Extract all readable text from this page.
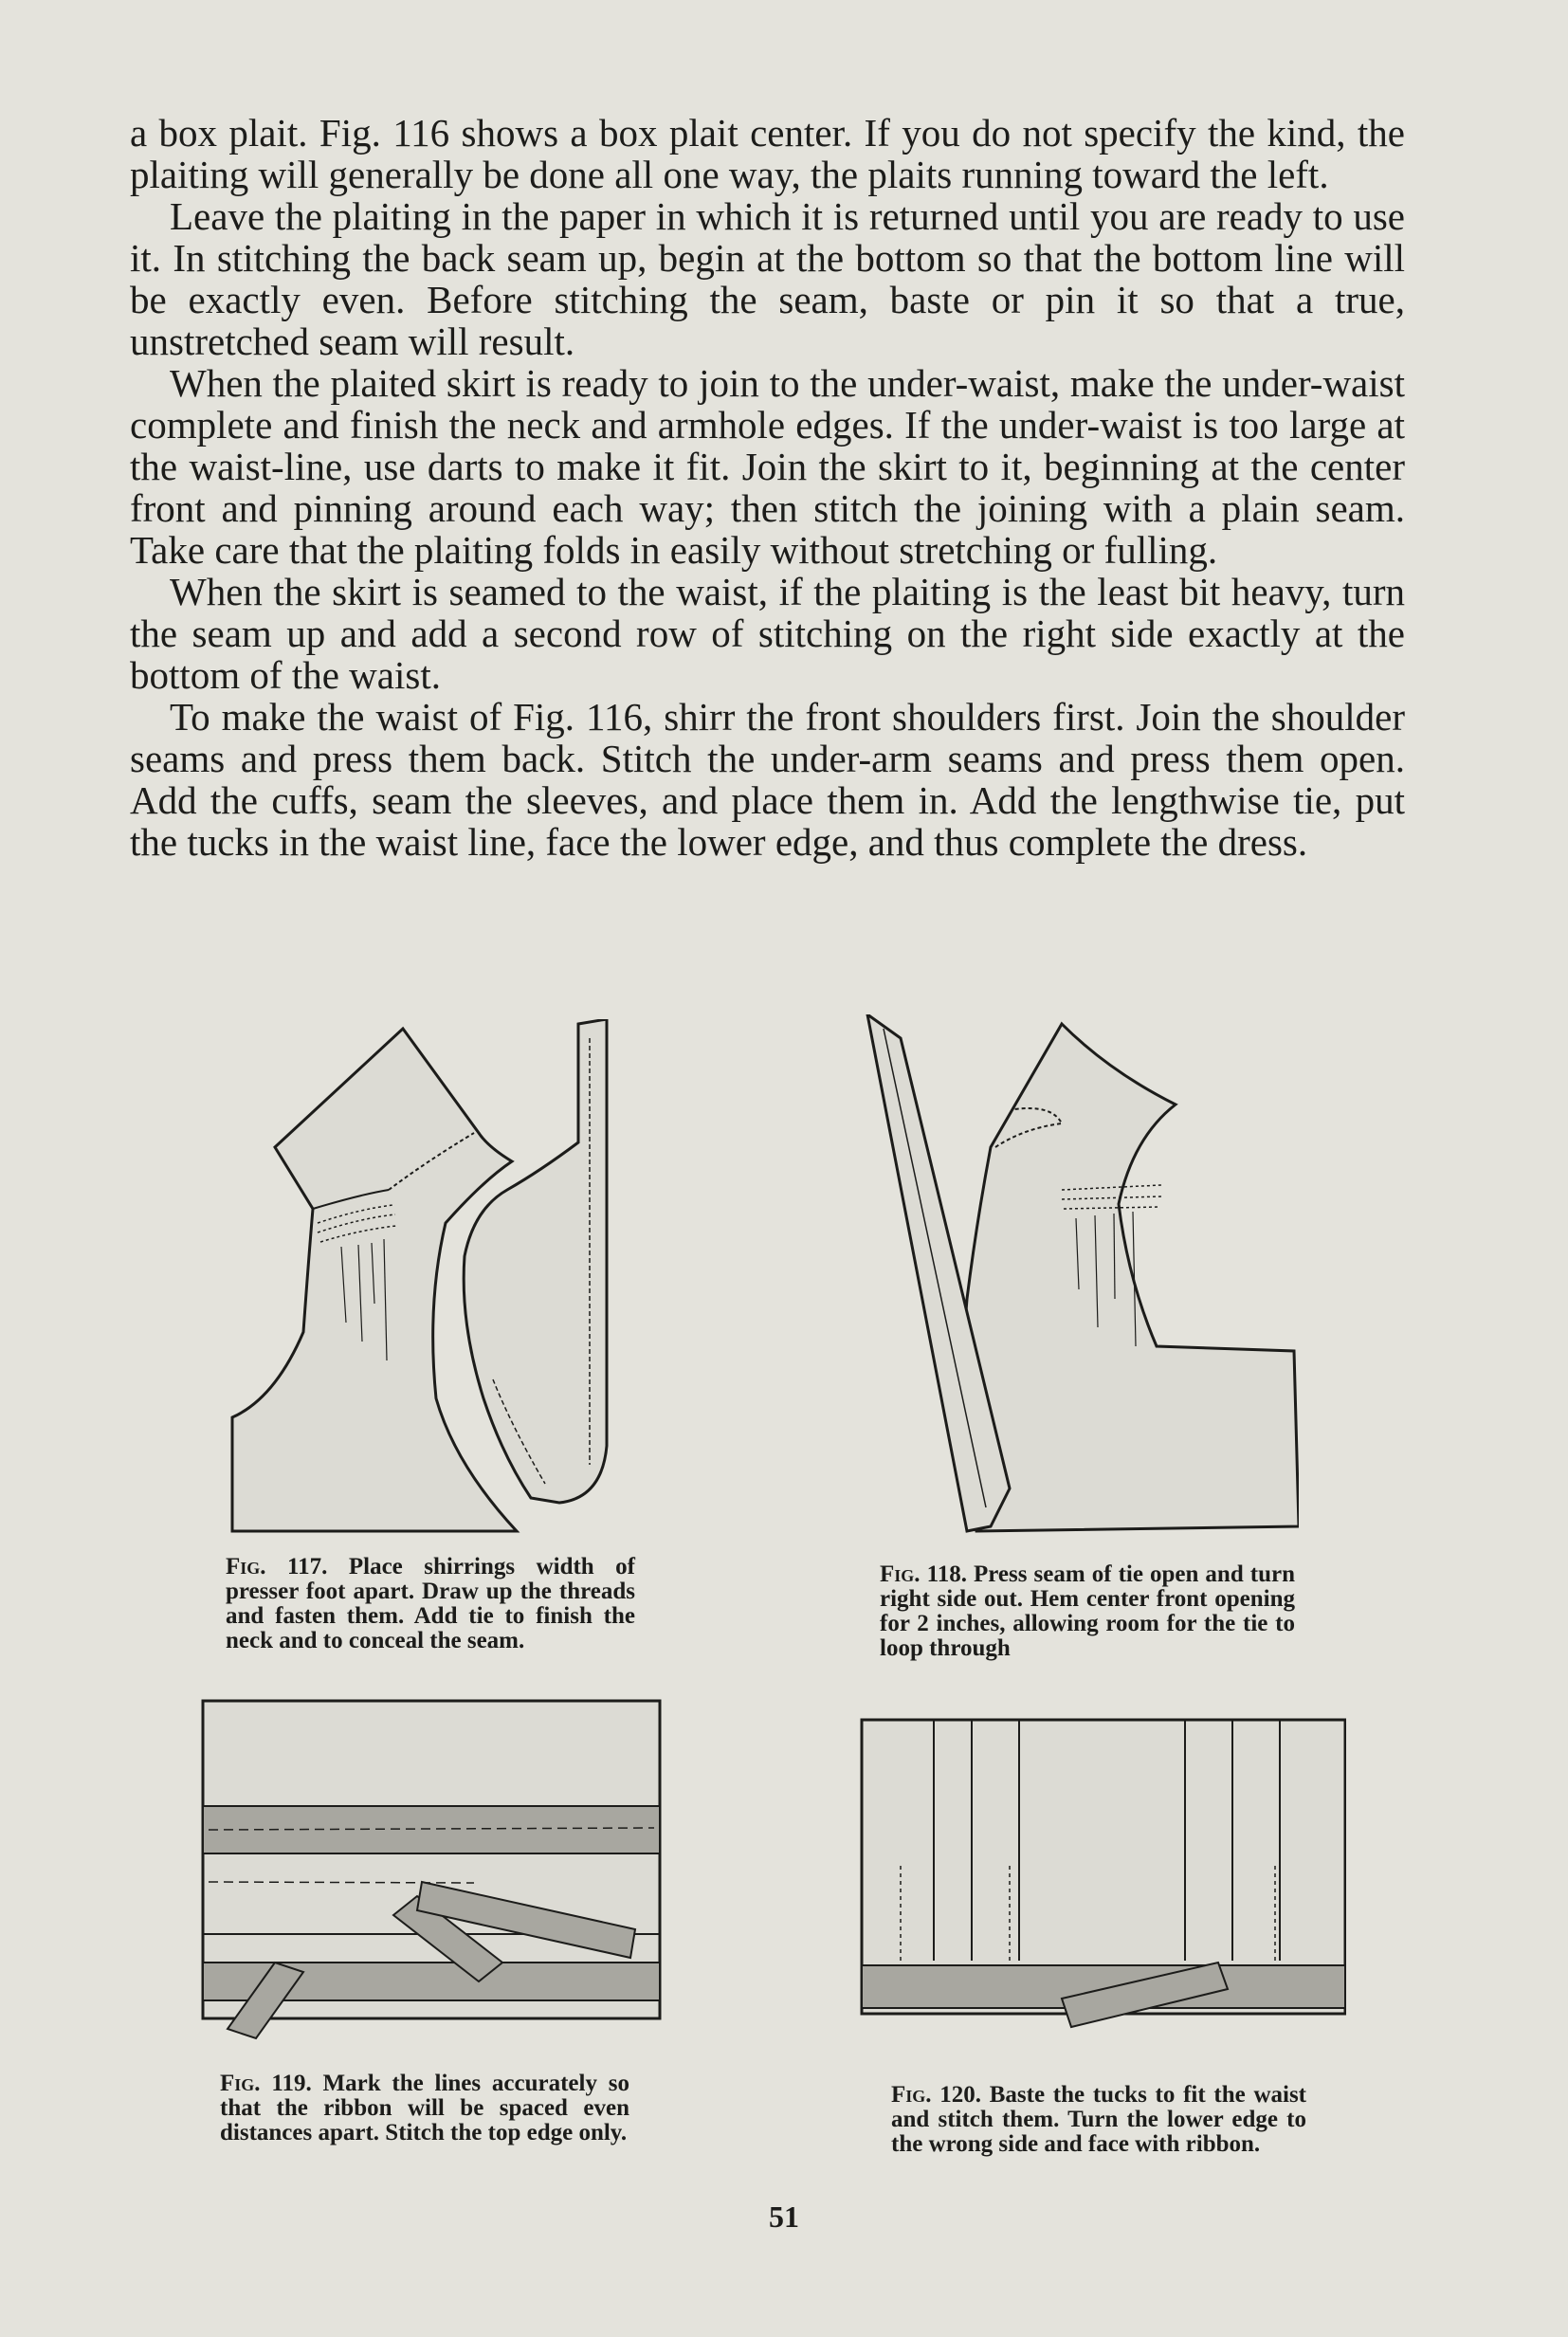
a box plait. Fig. 116 shows a box plait center. If you do not specify the kind, the plaiting will generally be done all one way, the plaits running toward the left.

Leave the plaiting in the paper in which it is returned until you are ready to use it. In stitching the back seam up, begin at the bottom so that the bottom line will be exactly even. Before stitching the seam, baste or pin it so that a true, unstretched seam will result.

When the plaited skirt is ready to join to the under-waist, make the under-waist complete and finish the neck and armhole edges. If the under-waist is too large at the waist-line, use darts to make it fit. Join the skirt to it, beginning at the center front and pinning around each way; then stitch the joining with a plain seam. Take care that the plaiting folds in easily without stretching or fulling.

When the skirt is seamed to the waist, if the plaiting is the least bit heavy, turn the seam up and add a second row of stitching on the right side exactly at the bottom of the waist.

To make the waist of Fig. 116, shirr the front shoulders first. Join the shoulder seams and press them back. Stitch the under-arm seams and press them open. Add the cuffs, seam the sleeves, and place them in. Add the lengthwise tie, put the tucks in the waist line, face the lower edge, and thus complete the dress.

Fig. 117. Place shirrings width of presser foot apart. Draw up the threads and fasten them. Add tie to finish the neck and to conceal the seam.
Fig. 118. Press seam of tie open and turn right side out. Hem center front opening for 2 inches, allowing room for the tie to loop through
Fig. 119. Mark the lines accurately so that the ribbon will be spaced even distances apart. Stitch the top edge only.
Fig. 120. Baste the tucks to fit the waist and stitch them. Turn the lower edge to the wrong side and face with ribbon.
51
